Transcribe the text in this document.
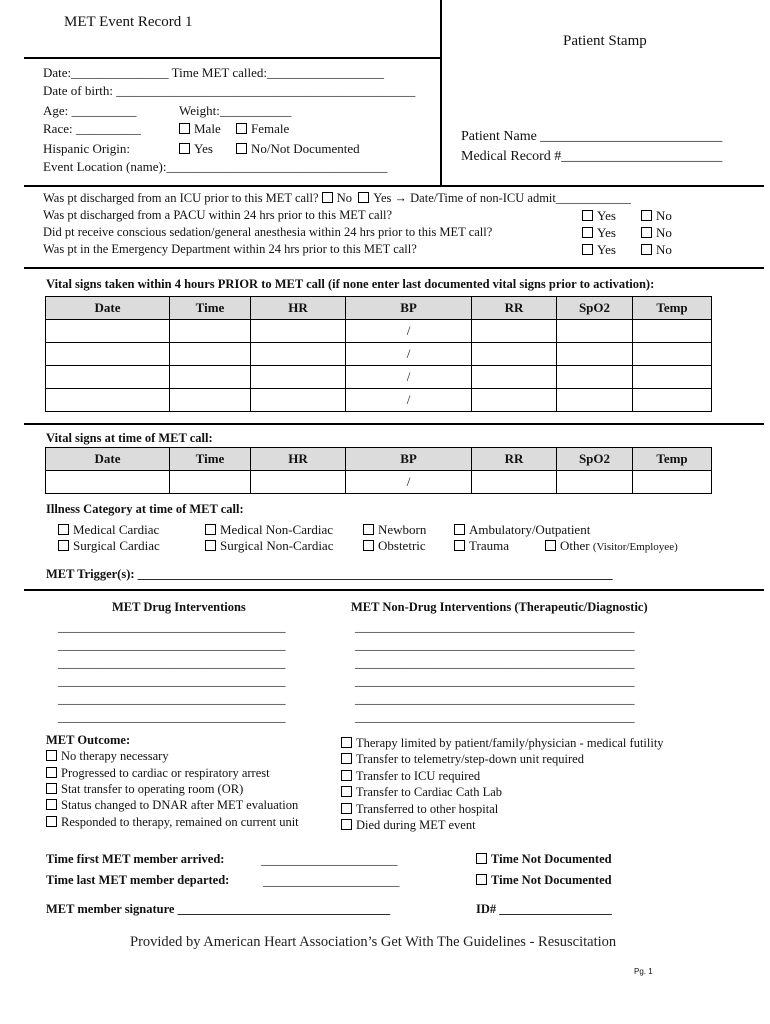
MET Event Record 1
Patient Stamp
Patient Name __________________________
Medical Record #_______________________
Date:_______________ Time MET called:__________________
Date of birth: ______________________________________________
Age: __________	Weight:___________
Race: __________	Male	Female
Hispanic Origin:	Yes	No/Not Documented
Event Location (name):__________________________________
Was pt discharged from an ICU prior to this MET call? No Yes → Date/Time of non-ICU admit____________
Was pt discharged from a PACU within 24 hrs prior to this MET call?	Yes	No
Did pt receive conscious sedation/general anesthesia within 24 hrs prior to this MET call?	Yes	No
Was pt in the Emergency Department within 24 hrs prior to this MET call?	Yes	No
Vital signs taken within 4 hours PRIOR to MET call (if none enter last documented vital signs prior to activation):
Date	Time	HR	BP	RR	SpO2	Temp
			/			
			/			
			/			
			/			
Vital signs at time of MET call:
Date	Time	HR	BP	RR	SpO2	Temp
			/			
Illness Category at time of MET call:
Medical Cardiac
Surgical Cardiac
Medical Non-Cardiac
Surgical Non-Cardiac
Newborn
Obstetric
Ambulatory/Outpatient
Trauma	Other (Visitor/Employee)
MET Trigger(s): ____________________________________________________________________________
MET Drug Interventions	MET Non-Drug Interventions (Therapeutic/Diagnostic)
___________________________________
___________________________________
___________________________________
___________________________________
___________________________________
___________________________________
___________________________________________
___________________________________________
___________________________________________
___________________________________________
___________________________________________
___________________________________________
MET Outcome:
No therapy necessary
Progressed to cardiac or respiratory arrest
Stat transfer to operating room (OR)
Status changed to DNAR after MET evaluation
Responded to therapy, remained on current unit
Therapy limited by patient/family/physician - medical futility
Transfer to telemetry/step-down unit required
Transfer to ICU required
Transfer to Cardiac Cath Lab
Transferred to other hospital
Died during MET event
Time first MET member arrived:	_____________________	Time Not Documented
Time last MET member departed:	_____________________	Time Not Documented
MET member signature __________________________________	ID# __________________
Provided by American Heart Association’s Get With The Guidelines - Resuscitation
Pg. 1
